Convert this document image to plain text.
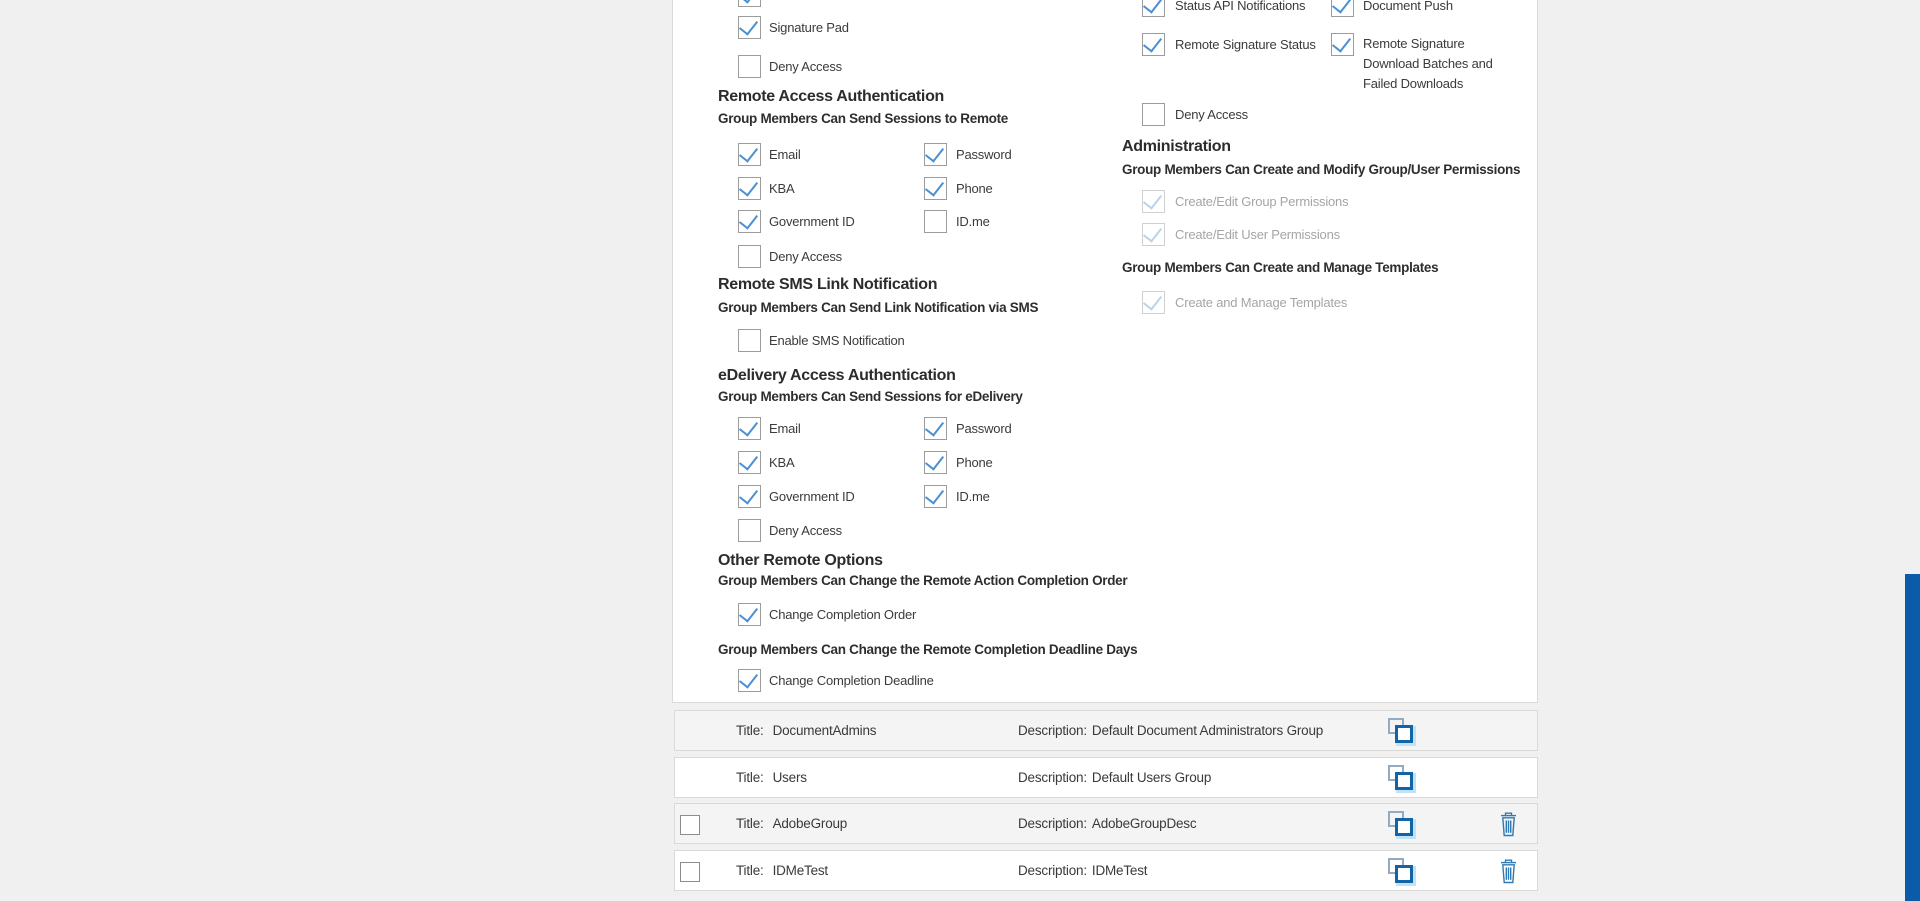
Signature Pad
Deny Access
Remote Access Authentication
Group Members Can Send Sessions to Remote
Email	Password
KBA	Phone
Government ID	ID.me
Deny Access
Remote SMS Link Notification
Group Members Can Send Link Notification via SMS
Enable SMS Notification
eDelivery Access Authentication
Group Members Can Send Sessions for eDelivery
Email	Password
KBA	Phone
Government ID	ID.me
Deny Access
Other Remote Options
Group Members Can Change the Remote Action Completion Order
Change Completion Order
Group Members Can Change the Remote Completion Deadline Days
Change Completion Deadline
Status API Notifications	Document Push
Remote Signature Status	Remote Signature Download Batches and Failed Downloads
Deny Access
Administration
Group Members Can Create and Modify Group/User Permissions
Create/Edit Group Permissions
Create/Edit User Permissions
Group Members Can Create and Manage Templates
Create and Manage Templates
Title: DocumentAdmins	Description: Default Document Administrators Group
Title: Users	Description: Default Users Group
Title: AdobeGroup	Description: AdobeGroupDesc
Title: IDMeTest	Description: IDMeTest
